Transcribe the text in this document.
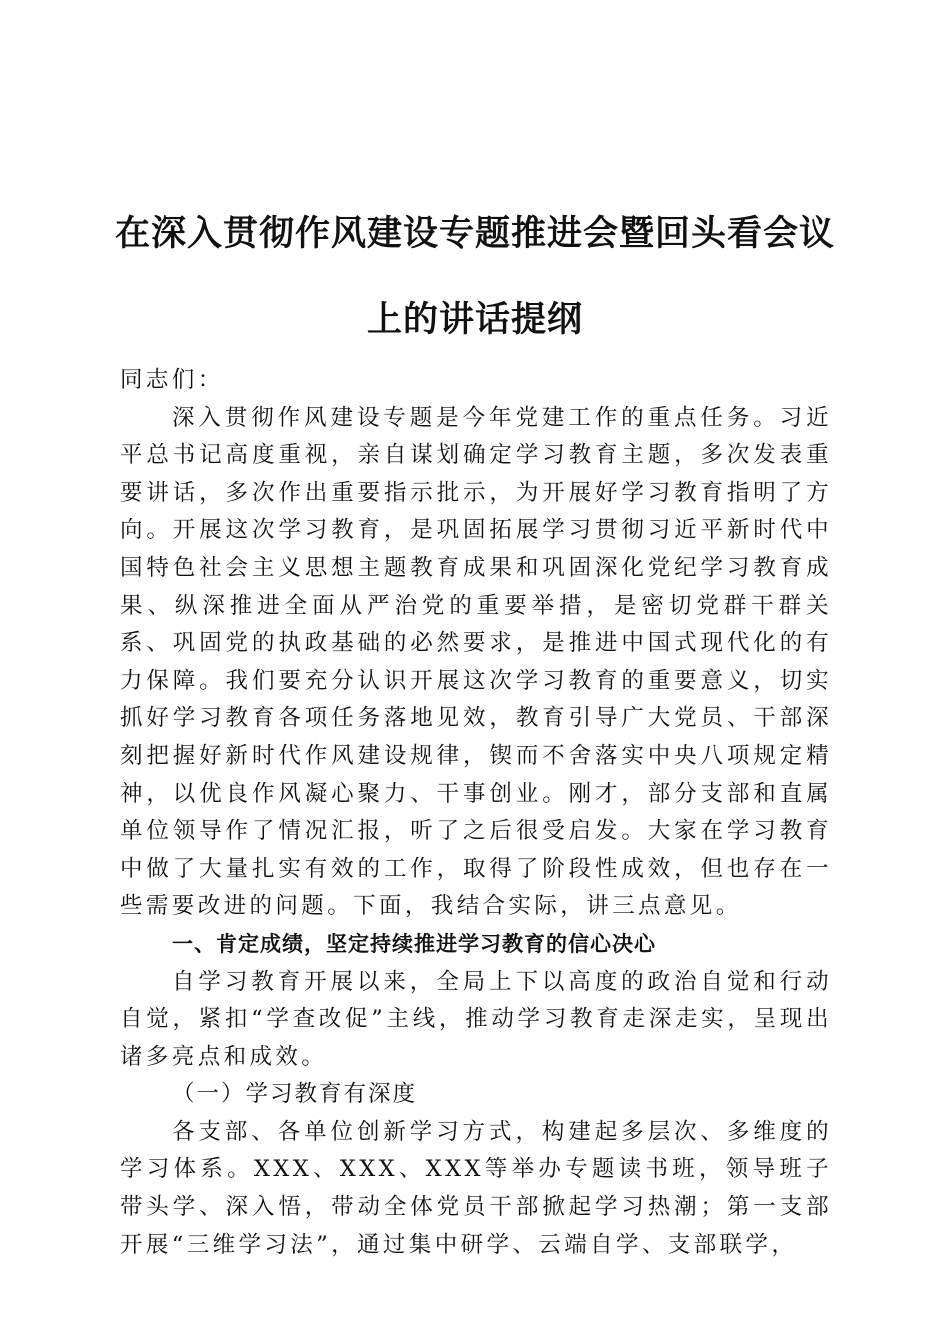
在深入贯彻作风建设专题推进会暨回头看会议
上的讲话提纲

同志们：

深入贯彻作风建设专题是今年党建工作的重点任务。习近平总书记高度重视，亲自谋划确定学习教育主题，多次发表重要讲话，多次作出重要指示批示，为开展好学习教育指明了方向。开展这次学习教育，是巩固拓展学习贯彻习近平新时代中国特色社会主义思想主题教育成果和巩固深化党纪学习教育成果、纵深推进全面从严治党的重要举措，是密切党群干群关系、巩固党的执政基础的必然要求，是推进中国式现代化的有力保障。我们要充分认识开展这次学习教育的重要意义，切实抓好学习教育各项任务落地见效，教育引导广大党员、干部深刻把握好新时代作风建设规律，锲而不舍落实中央八项规定精神，以优良作风凝心聚力、干事创业。刚才，部分支部和直属单位领导作了情况汇报，听了之后很受启发。大家在学习教育中做了大量扎实有效的工作，取得了阶段性成效，但也存在一些需要改进的问题。下面，我结合实际，讲三点意见。

一、肯定成绩，坚定持续推进学习教育的信心决心

自学习教育开展以来，全局上下以高度的政治自觉和行动自觉，紧扣“学查改促”主线，推动学习教育走深走实，呈现出诸多亮点和成效。

（一）学习教育有深度

各支部、各单位创新学习方式，构建起多层次、多维度的学习体系。XXX、XXX、XXX等举办专题读书班，领导班子带头学、深入悟，带动全体党员干部掀起学习热潮；第一支部开展“三维学习法”，通过集中研学、云端自学、支部联学，
